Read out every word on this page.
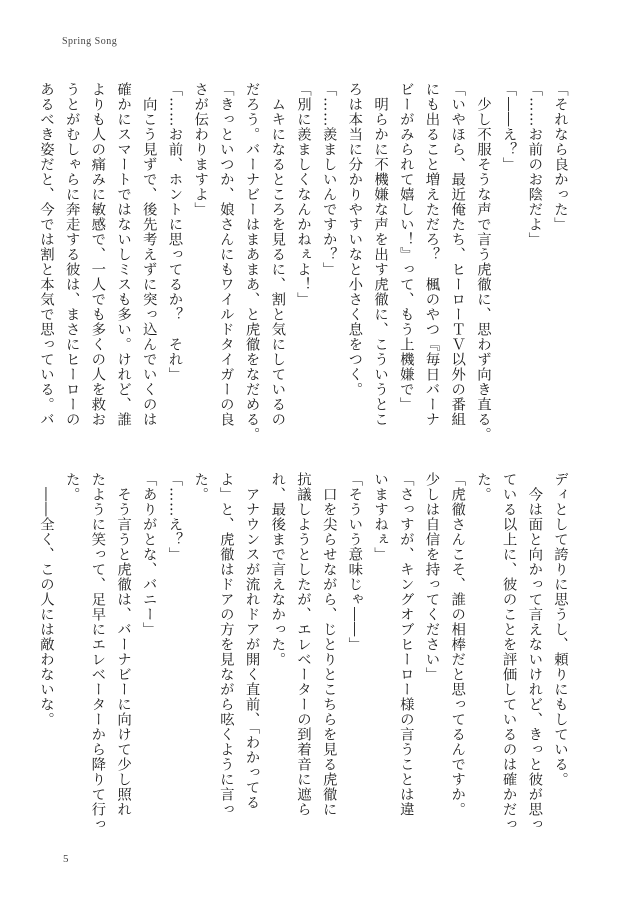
Spring Song

「それなら良かった」

「……お前のお陰だよ」

「――え？」

　少し不服そうな声で言う虎徹に、思わず向き直る。

「いやほら、最近俺たち、ヒーローＴＶ以外の番組

にも出ること増えただろ？　楓のやつ『毎日バーナ

ビーがみられて嬉しい！』って、もう上機嫌で」

　明らかに不機嫌な声を出す虎徹に、こういうとこ

ろは本当に分かりやすいなと小さく息をつく。

「……羨ましいんですか？」

「別に羨ましくなんかねぇよ！」

　ムキになるところを見るに、割と気にしているの

だろう。バーナビーはまあまあ、と虎徹をなだめる。

「きっといつか、娘さんにもワイルドタイガーの良

さが伝わりますよ」

「……お前、ホントに思ってるか？　それ」

　向こう見ずで、後先考えずに突っ込んでいくのは

確かにスマートではないしミスも多い。けれど、誰

よりも人の痛みに敏感で、一人でも多くの人を救お

うとがむしゃらに奔走する彼は、まさにヒーローの

あるべき姿だと、今では割と本気で思っている。バ

ディとして誇りに思うし、頼りにもしている。

　今は面と向かって言えないけれど、きっと彼が思っ

ている以上に、彼のことを評価しているのは確かだっ

た。

「虎徹さんこそ、誰の相棒だと思ってるんですか。

少しは自信を持ってください」

「さっすが、キングオブヒーロー様の言うことは違

いますねぇ」

「そういう意味じゃ――」

　口を尖らせながら、じとりとこちらを見る虎徹に

抗議しようとしたが、エレベーターの到着音に遮ら

れ、最後まで言えなかった。

　アナウンスが流れドアが開く直前、「わかってる

よ」と、虎徹はドアの方を見ながら呟くように言っ

た。

「……え？」

「ありがとな、バニー」

　そう言うと虎徹は、バーナビーに向けて少し照れ

たように笑って、足早にエレベーターから降りて行っ

た。

　――全く、この人には敵わないな。

5
